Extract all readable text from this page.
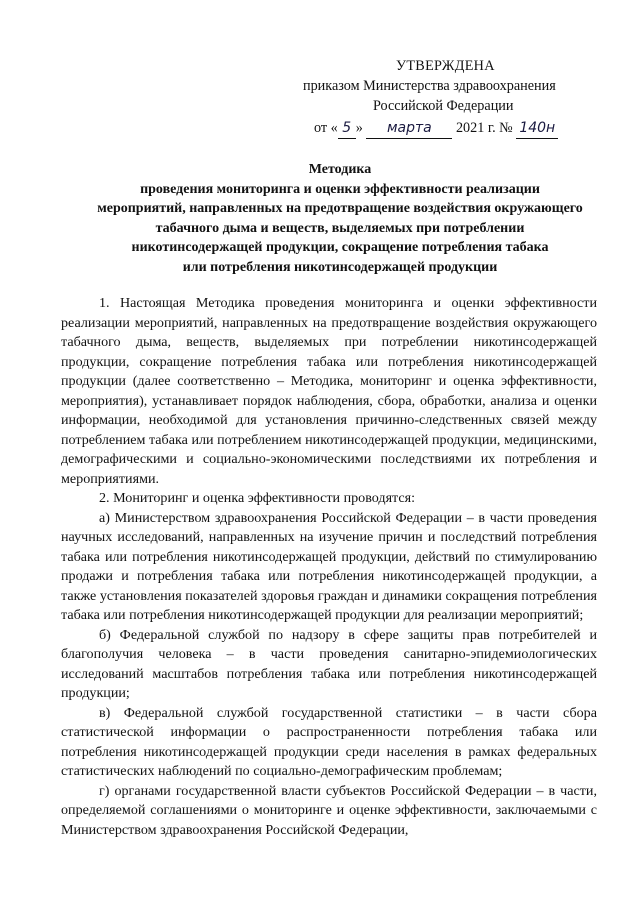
УТВЕРЖДЕНА
приказом Министерства здравоохранения
Российской Федерации
от « 5 » марта 2021 г. № 140н
Методика
проведения мониторинга и оценки эффективности реализации
мероприятий, направленных на предотвращение воздействия окружающего
табачного дыма и веществ, выделяемых при потреблении
никотинсодержащей продукции, сокращение потребления табака
или потребления никотинсодержащей продукции

1. Настоящая Методика проведения мониторинга и оценки эффективности реализации мероприятий, направленных на предотвращение воздействия окружающего табачного дыма, веществ, выделяемых при потреблении никотинсодержащей продукции, сокращение потребления табака или потребления никотинсодержащей продукции (далее соответственно – Методика, мониторинг и оценка эффективности, мероприятия), устанавливает порядок наблюдения, сбора, обработки, анализа и оценки информации, необходимой для установления причинно-следственных связей между потреблением табака или потреблением никотинсодержащей продукции, медицинскими, демографическими и социально-экономическими последствиями их потребления и мероприятиями.

2. Мониторинг и оценка эффективности проводятся:

а) Министерством здравоохранения Российской Федерации – в части проведения научных исследований, направленных на изучение причин и последствий потребления табака или потребления никотинсодержащей продукции, действий по стимулированию продажи и потребления табака или потребления никотинсодержащей продукции, а также установления показателей здоровья граждан и динамики сокращения потребления табака или потребления никотинсодержащей продукции для реализации мероприятий;

б) Федеральной службой по надзору в сфере защиты прав потребителей и благополучия человека – в части проведения санитарно-эпидемиологических исследований масштабов потребления табака или потребления никотинсодержащей продукции;

в) Федеральной службой государственной статистики – в части сбора статистической информации о распространенности потребления табака или потребления никотинсодержащей продукции среди населения в рамках федеральных статистических наблюдений по социально-демографическим проблемам;

г) органами государственной власти субъектов Российской Федерации – в части, определяемой соглашениями о мониторинге и оценке эффективности, заключаемыми с Министерством здравоохранения Российской Федерации,
